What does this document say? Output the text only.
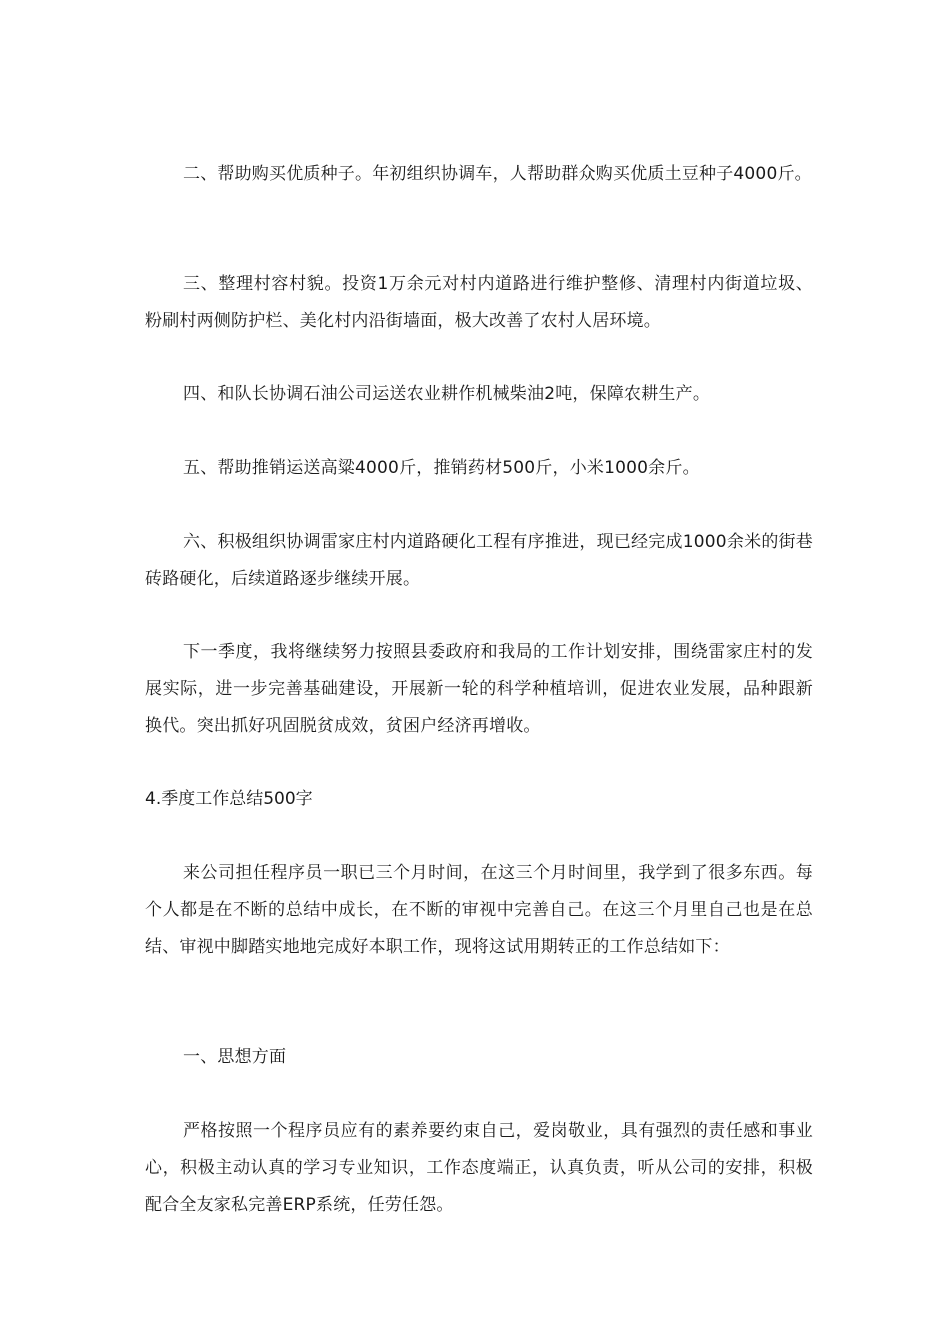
二、帮助购买优质种子。年初组织协调车，人帮助群众购买优质土豆种子4000斤。

三、整理村容村貌。投资1万余元对村内道路进行维护整修、清理村内街道垃圾、粉刷村两侧防护栏、美化村内沿街墙面，极大改善了农村人居环境。

四、和队长协调石油公司运送农业耕作机械柴油2吨，保障农耕生产。

五、帮助推销运送高粱4000斤，推销药材500斤，小米1000余斤。

六、积极组织协调雷家庄村内道路硬化工程有序推进，现已经完成1000余米的街巷砖路硬化，后续道路逐步继续开展。

下一季度，我将继续努力按照县委政府和我局的工作计划安排，围绕雷家庄村的发展实际，进一步完善基础建设，开展新一轮的科学种植培训，促进农业发展，品种跟新换代。突出抓好巩固脱贫成效，贫困户经济再增收。

4.季度工作总结500字

来公司担任程序员一职已三个月时间，在这三个月时间里，我学到了很多东西。每个人都是在不断的总结中成长，在不断的审视中完善自己。在这三个月里自己也是在总结、审视中脚踏实地地完成好本职工作，现将这试用期转正的工作总结如下：

一、思想方面

严格按照一个程序员应有的素养要约束自己，爱岗敬业，具有强烈的责任感和事业心，积极主动认真的学习专业知识，工作态度端正，认真负责，听从公司的安排，积极配合全友家私完善ERP系统，任劳任怨。
